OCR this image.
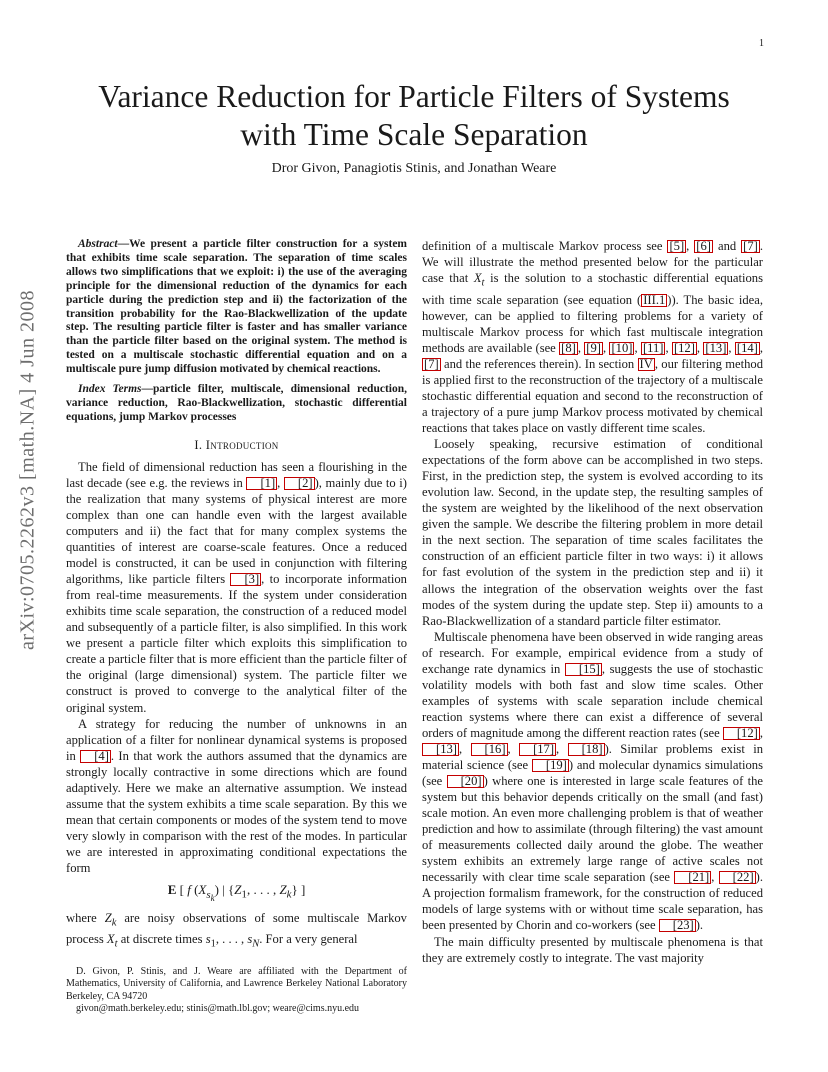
1
arXiv:0705.2262v3 [math.NA] 4 Jun 2008
Variance Reduction for Particle Filters of Systems
with Time Scale Separation
Dror Givon, Panagiotis Stinis, and Jonathan Weare

Abstract—We present a particle filter construction for a system that exhibits time scale separation. The separation of time scales allows two simplifications that we exploit: i) the use of the averaging principle for the dimensional reduction of the dynamics for each particle during the prediction step and ii) the factorization of the transition probability for the Rao-Blackwellization of the update step. The resulting particle filter is faster and has smaller variance than the particle filter based on the original system. The method is tested on a multiscale stochastic differential equation and on a multiscale pure jump diffusion motivated by chemical reactions.

Index Terms—particle filter, multiscale, dimensional reduction, variance reduction, Rao-Blackwellization, stochastic differential equations, jump Markov processes

I. Introduction

The field of dimensional reduction has seen a flourishing in the last decade (see e.g. the reviews in [1] , [2] ), mainly due to i) the realization that many systems of physical interest are more complex than one can handle even with the largest available computers and ii) the fact that for many complex systems the quantities of interest are coarse-scale features. Once a reduced model is constructed, it can be used in conjunction with filtering algorithms, like particle filters [3] , to incorporate information from real-time measurements. If the system under consideration exhibits time scale separation, the construction of a reduced model and subsequently of a particle filter, is also simplified. In this work we present a particle filter which exploits this simplification to create a particle filter that is more efficient than the particle filter of the original (large dimensional) system. The particle filter we construct is proved to converge to the analytical filter of the original system.

A strategy for reducing the number of unknowns in an application of a filter for nonlinear dynamical systems is proposed in [4] . In that work the authors assumed that the dynamics are strongly locally contractive in some directions which are found adaptively. Here we make an alternative assumption. We instead assume that the system exhibits a time scale separation. By this we mean that certain components or modes of the system tend to move very slowly in comparison with the rest of the modes. In particular we are interested in approximating conditional expectations the form

E [ f $(X_{s_k})$ | {$Z_1$, . . . , $Z_k$} ]

where $Z_k$ are noisy observations of some multiscale Markov process $X_t$ at discrete times $s_1$, . . . , $s_N$. For a very general

D. Givon, P. Stinis, and J. Weare are affiliated with the Department of Mathematics, University of California, and Lawrence Berkeley National Laboratory Berkeley, CA 94720

givon@math.berkeley.edu; stinis@math.lbl.gov; weare@cims.nyu.edu

definition of a multiscale Markov process see [5] , [6] and [7] . We will illustrate the method presented below for the particular case that $X_t$ is the solution to a stochastic differential equations with time scale separation (see equation ( III.1 )). The basic idea, however, can be applied to filtering problems for a variety of multiscale Markov process for which fast multiscale integration methods are available (see [8] , [9] , [10] , [11] , [12] , [13] , [14] , [7] and the references therein). In section IV , our filtering method is applied first to the reconstruction of the trajectory of a multiscale stochastic differential equation and second to the reconstruction of a trajectory of a pure jump Markov process motivated by chemical reactions that takes place on vastly different time scales.

Loosely speaking, recursive estimation of conditional expectations of the form above can be accomplished in two steps. First, in the prediction step, the system is evolved according to its evolution law. Second, in the update step, the resulting samples of the system are weighted by the likelihood of the next observation given the sample. We describe the filtering problem in more detail in the next section. The separation of time scales facilitates the construction of an efficient particle filter in two ways: i) it allows for fast evolution of the system in the prediction step and ii) it allows the integration of the observation weights over the fast modes of the system during the update step. Step ii) amounts to a Rao-Blackwellization of a standard particle filter estimator.

Multiscale phenomena have been observed in wide ranging areas of research. For example, empirical evidence from a study of exchange rate dynamics in [15] , suggests the use of stochastic volatility models with both fast and slow time scales. Other examples of systems with scale separation include chemical reaction systems where there can exist a difference of several orders of magnitude among the different reaction rates (see [12] , [13] , [16] , [17] , [18] ). Similar problems exist in material science (see [19] ) and molecular dynamics simulations (see [20] ) where one is interested in large scale features of the system but this behavior depends critically on the small (and fast) scale motion. An even more challenging problem is that of weather prediction and how to assimilate (through filtering) the vast amount of measurements collected daily around the globe. The weather system exhibits an extremely large range of active scales not necessarily with clear time scale separation (see [21] , [22] ). A projection formalism framework, for the construction of reduced models of large systems with or without time scale separation, has been presented by Chorin and co-workers (see [23] ).

The main difficulty presented by multiscale phenomena is that they are extremely costly to integrate. The vast majority
